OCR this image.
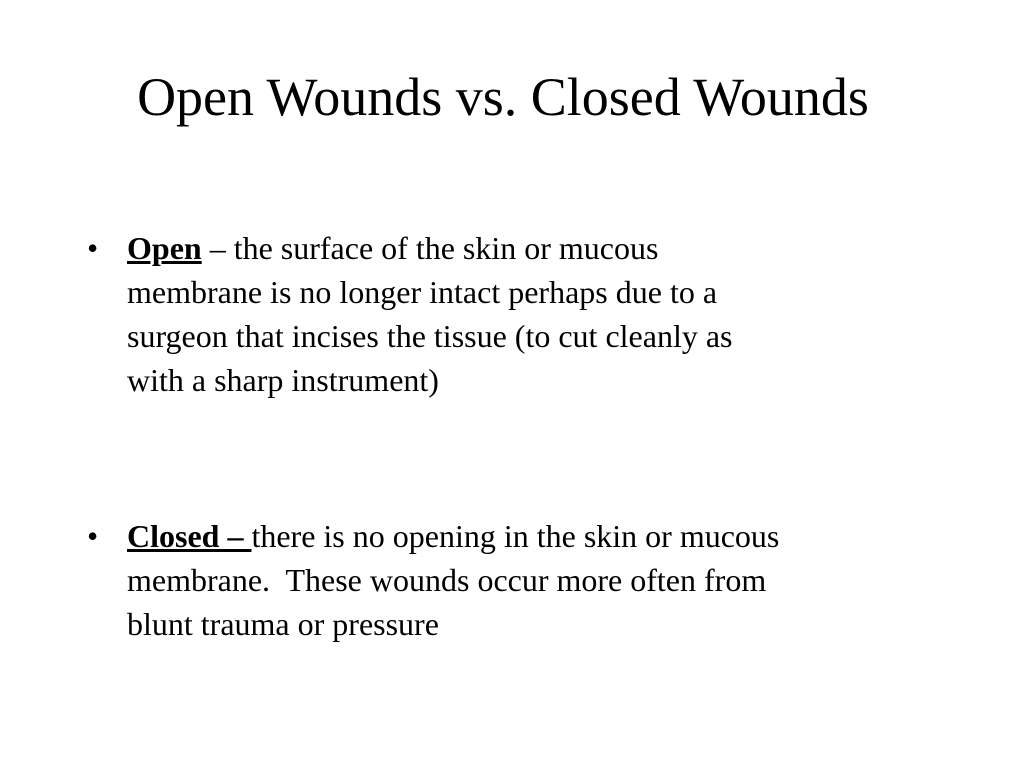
Open Wounds vs. Closed Wounds
• Open – the surface of the skin or mucous
membrane is no longer intact perhaps due to a
surgeon that incises the tissue (to cut cleanly as
with a sharp instrument)
• Closed – there is no opening in the skin or mucous
membrane.  These wounds occur more often from
blunt trauma or pressure
